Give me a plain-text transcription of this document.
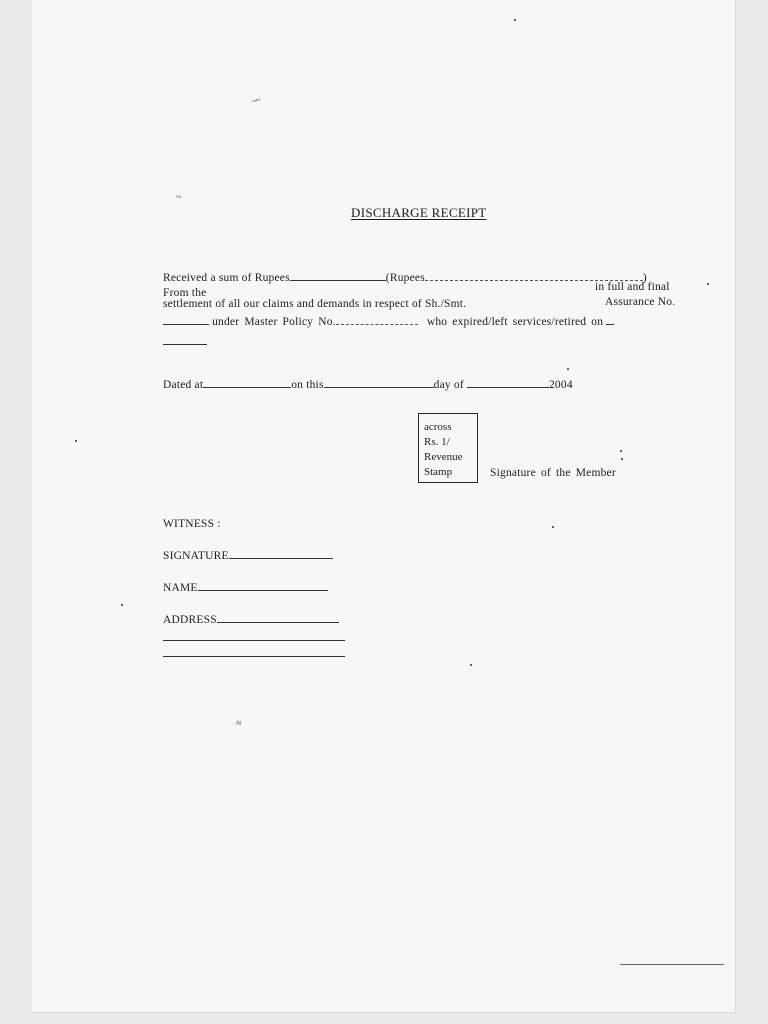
DISCHARGE RECEIPT
Received a sum of Rupees	(Rupees	)
From the	in full and final
settlement of all our claims and demands in respect of Sh./Smt.	Assurance No.
under Master Policy No.	who expired/left services/retired on
Dated at	on this	day of	2004
across
Rs. 1/
Revenue
Stamp	Signature of the Member
WITNESS :
SIGNATURE
NAME
ADDRESS
~~
~
≈
